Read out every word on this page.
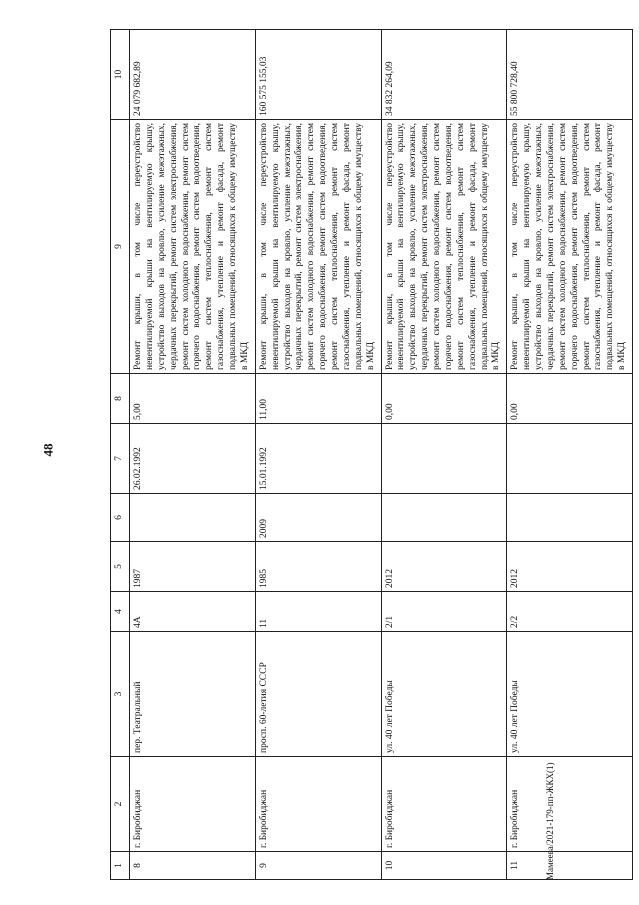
48
Мамеева/2021-179-пп-ЖКХ(1)
1	2	3	4	5	6	7	8	9	10
8	г. Биробиджан	пер. Театральный	4А	1987		26.02.1992	5,00	Ремонт крыши, в том числе переустройство невентилируемой крыши на вентилируемую крышу, устройство выходов на кровлю, усиление межэтажных, чердачных перекрытий, ремонт систем электроснабжения, ремонт систем холодного водоснабжения, ремонт систем горячего водоснабжения, ремонт систем водоотведения, ремонт систем теплоснабжения, ремонт систем газоснабжения, утепление и ремонт фасада, ремонт подвальных помещений, относящихся к общему имуществу в МКД	24 079 682,89
9	г. Биробиджан	просп. 60-летия СССР	11	1985	2009	15.01.1992	11,00	Ремонт крыши, в том числе переустройство невентилируемой крыши на вентилируемую крышу, устройство выходов на кровлю, усиление межэтажных, чердачных перекрытий, ремонт систем электроснабжения, ремонт систем холодного водоснабжения, ремонт систем горячего водоснабжения, ремонт систем водоотведения, ремонт систем теплоснабжения, ремонт систем газоснабжения, утепление и ремонт фасада, ремонт подвальных помещений, относящихся к общему имуществу в МКД	160 575 155,03
10	г. Биробиджан	ул. 40 лет Победы	2/1	2012			0,00	Ремонт крыши, в том числе переустройство невентилируемой крыши на вентилируемую крышу, устройство выходов на кровлю, усиление межэтажных, чердачных перекрытий, ремонт систем электроснабжения, ремонт систем холодного водоснабжения, ремонт систем горячего водоснабжения, ремонт систем водоотведения, ремонт систем теплоснабжения, ремонт систем газоснабжения, утепление и ремонт фасада, ремонт подвальных помещений, относящихся к общему имуществу в МКД	34 832 264,09
11	г. Биробиджан	ул. 40 лет Победы	2/2	2012			0,00	Ремонт крыши, в том числе переустройство невентилируемой крыши на вентилируемую крышу, устройство выходов на кровлю, усиление межэтажных, чердачных перекрытий, ремонт систем электроснабжения, ремонт систем холодного водоснабжения, ремонт систем горячего водоснабжения, ремонт систем водоотведения, ремонт систем теплоснабжения, ремонт систем газоснабжения, утепление и ремонт фасада, ремонт подвальных помещений, относящихся к общему имуществу в МКД	55 800 728,40
